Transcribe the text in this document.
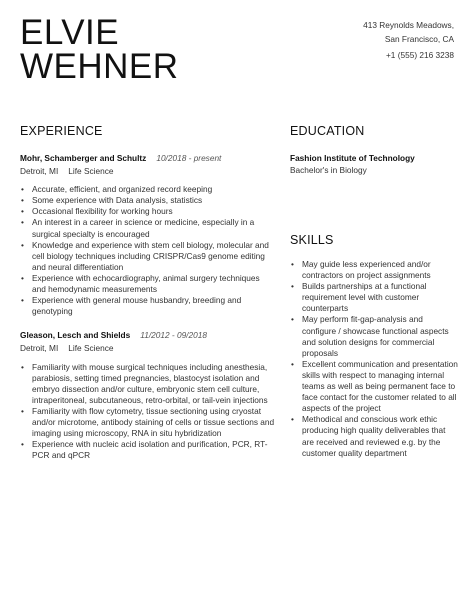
ELVIE
WEHNER
413 Reynolds Meadows,
San Francisco, CA
+1 (555) 216 3238
EXPERIENCE
Mohr, Schamberger and Schultz 10/2018 - present
Detroit, MI Life Science
• Accurate, efficient, and organized record keeping
• Some experience with Data analysis, statistics
• Occasional flexibility for working hours
• An interest in a career in science or medicine, especially in a surgical specialty is encouraged
• Knowledge and experience with stem cell biology, molecular and cell biology techniques including CRISPR/Cas9 genome editing and neural differentiation
• Experience with echocardiography, animal surgery techniques and hemodynamic measurements
• Experience with general mouse husbandry, breeding and genotyping
Gleason, Lesch and Shields 11/2012 - 09/2018
Detroit, MI Life Science
• Familiarity with mouse surgical techniques including anesthesia, parabiosis, setting timed pregnancies, blastocyst isolation and embryo dissection and/or culture, embryonic stem cell culture, intraperitoneal, subcutaneous, retro-orbital, or tail-vein injections
• Familiarity with flow cytometry, tissue sectioning using cryostat and/or microtome, antibody staining of cells or tissue sections and imaging using microscopy, RNA in situ hybridization
• Experience with nucleic acid isolation and purification, PCR, RT-PCR and qPCR
EDUCATION
Fashion Institute of Technology
Bachelor's in Biology
SKILLS
• May guide less experienced and/or contractors on project assignments
• Builds partnerships at a functional requirement level with customer counterparts
• May perform fit-gap-analysis and configure / showcase functional aspects and solution designs for commercial proposals
• Excellent communication and presentation skills with respect to managing internal teams as well as being permanent face to face contact for the customer related to all aspects of the project
• Methodical and conscious work ethic producing high quality deliverables that are received and reviewed e.g. by the customer quality department
